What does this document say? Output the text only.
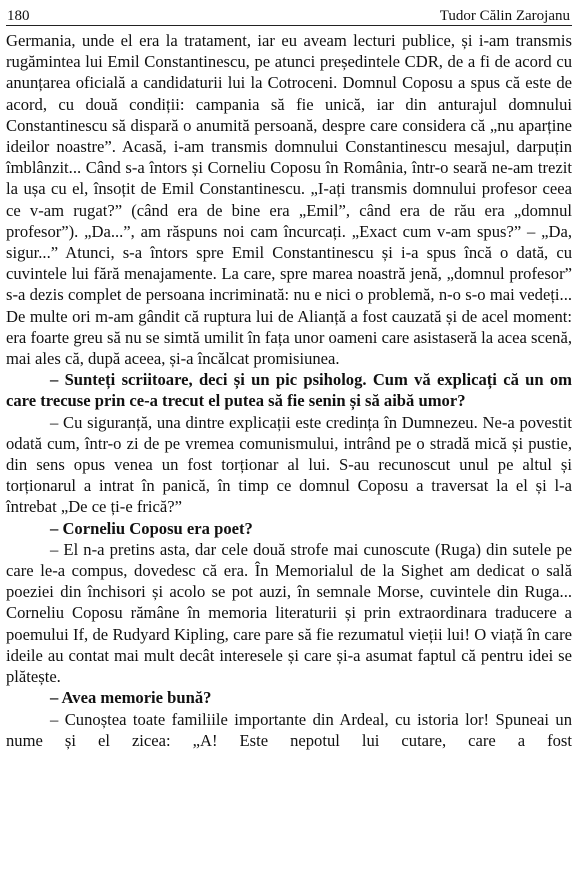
180	Tudor Călin Zarojanu

Germania, unde el era la tratament, iar eu aveam lecturi publice, și i-am transmis rugămintea lui Emil Constantinescu, pe atunci președintele CDR, de a fi de acord cu anunțarea oficială a candidaturii lui la Cotroceni. Domnul Coposu a spus că este de acord, cu două condiții: campania să fie unică, iar din anturajul domnului Constantinescu să dispară o anumită persoană, despre care considera că „nu aparține ideilor noastre”. Acasă, i-am transmis domnului Constantinescu mesajul, darpuțin îmblânzit... Când s-a întors și Corneliu Coposu în România, într-o seară ne-am trezit la ușa cu el, însoțit de Emil Constantinescu. „I-ați transmis domnului profesor ceea ce v-am rugat?” (când era de bine era „Emil”, când era de rău era „domnul profesor”). „Da...”, am răspuns noi cam încurcați. „Exact cum v-am spus?” – „Da, sigur...” Atunci, s-a întors spre Emil Constantinescu și i-a spus încă o dată, cu cuvintele lui fără menajamente. La care, spre marea noastră jenă, „domnul profesor” s-a dezis complet de persoana incriminată: nu e nici o problemă, n-o s-o mai vedeți... De multe ori m-am gândit că ruptura lui de Alianță a fost cauzată și de acel moment: era foarte greu să nu se simtă umilit în fața unor oameni care asistaseră la acea scenă, mai ales că, după aceea, și-a încălcat promisiunea.

– Sunteți scriitoare, deci și un pic psiholog. Cum vă explicați că un om care trecuse prin ce-a trecut el putea să fie senin și să aibă umor?

– Cu siguranță, una dintre explicații este credința în Dumnezeu. Ne-a povestit odată cum, într-o zi de pe vremea comunismului, intrând pe o stradă mică și pustie, din sens opus venea un fost torționar al lui. S-au recunoscut unul pe altul și torționarul a intrat în panică, în timp ce domnul Coposu a traversat la el și l-a întrebat „De ce ți-e frică?”

– Corneliu Coposu era poet?

– El n-a pretins asta, dar cele două strofe mai cunoscute (Ruga) din sutele pe care le-a compus, dovedesc că era. În Memorialul de la Sighet am dedicat o sală poeziei din închisori și acolo se pot auzi, în semnale Morse, cuvintele din Ruga... Corneliu Coposu rămâne în memoria literaturii și prin extraordinara traducere a poemului If, de Rudyard Kipling, care pare să fie rezumatul vieții lui! O viață în care ideile au contat mai mult decât interesele și care și-a asumat faptul că pentru idei se plătește.

– Avea memorie bună?

– Cunoștea toate familiile importante din Ardeal, cu istoria lor! Spuneai un nume și el zicea: „A! Este nepotul lui cutare, care a fost
